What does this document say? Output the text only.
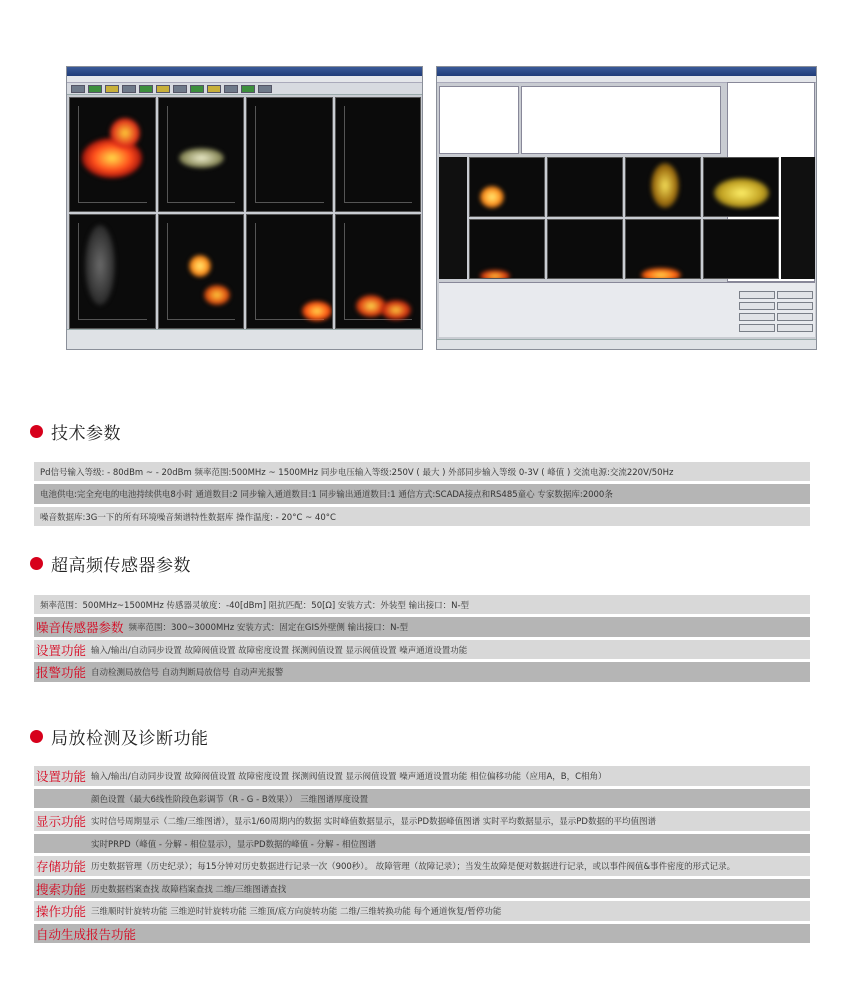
技术参数
Pd信号输入等级: - 80dBm ~ - 20dBm 频率范围:500MHz ~ 1500MHz 同步电压输入等级:250V ( 最大 ) 外部同步输入等级 0-3V ( 峰值 ) 交流电源:交流220V/50Hz
电池供电:完全充电的电池持续供电8小时 通道数目:2 同步输入通道数目:1 同步输出通道数目:1 通信方式:SCADA接点和RS485童心 专家数据库:2000条
噪音数据库:3G一下的所有环境噪音频谱特性数据库 操作温度: - 20°C ~ 40°C
超高频传感器参数
频率范围：500MHz~1500MHz 传感器灵敏度：-40[dBm] 阻抗匹配：50[Ω] 安装方式：外装型 输出接口：N-型
噪音传感器参数 频率范围：300~3000MHz 安装方式：固定在GIS外壁侧 输出接口：N-型
设置功能 输入/输出/自动同步设置 故障阀值设置 故障密度设置 探测阀值设置 显示阀值设置 噪声通道设置功能
报警功能 自动检测局放信号 自动判断局放信号 自动声光报警
局放检测及诊断功能
设置功能 输入/输出/自动同步设置 故障阀值设置 故障密度设置 探测阀值设置 显示阀值设置 噪声通道设置功能 相位偏移功能（应用A，B，C相角）
颜色设置（最大6线性阶段色彩调节（R - G - B效果）） 三维图谱厚度设置
显示功能 实时信号周期显示（二维/三维图谱），显示1/60周期内的数据 实时峰值数据显示，显示PD数据峰值图谱 实时平均数据显示，显示PD数据的平均值图谱
实时PRPD（峰值 - 分解 - 相位显示），显示PD数据的峰值 - 分解 - 相位图谱
存储功能 历史数据管理（历史纪录）；每15分钟对历史数据进行记录一次（900秒）。 故障管理（故障记录）；当发生故障是便对数据进行记录，或以事件阀值&事件密度的形式记录。
搜索功能 历史数据档案查找 故障档案查找 二维/三维图谱查找
操作功能 三维顺时针旋转功能 三维逆时针旋转功能 三维顶/底方向旋转功能 二维/三维转换功能 每个通道恢复/暂停功能
自动生成报告功能
